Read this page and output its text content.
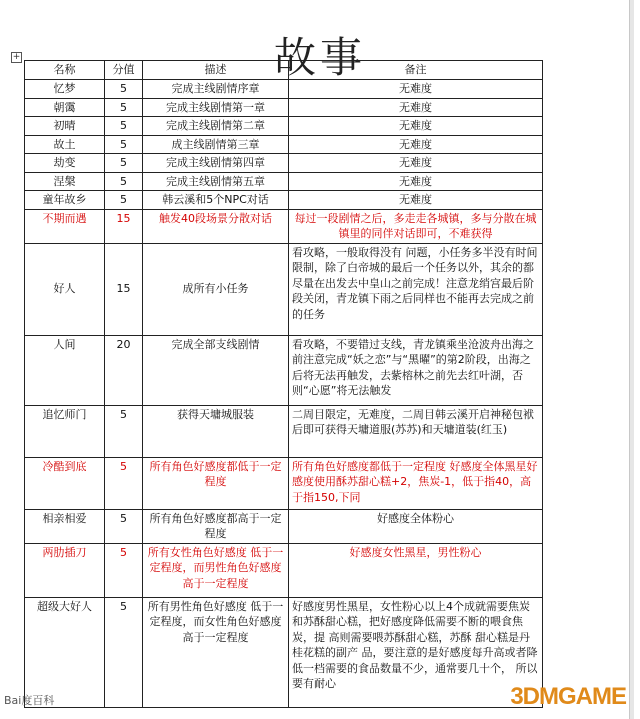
故事
+
名称	分值	描述	备注
忆梦	5	完成主线剧情序章	无难度
朝霭	5	完成主线剧情第一章	无难度
初晴	5	完成主线剧情第二章	无难度
故土	5	成主线剧情第三章	无难度
劫变	5	完成主线剧情第四章	无难度
涅槃	5	完成主线剧情第五章	无难度
童年故乡	5	韩云溪和5个NPC对话	无难度
不期而遇	15	触发40段场景分散对话	每过一段剧情之后，多走走各城镇，多与分散在城镇里的同伴对话即可，不难获得
好人	15	成所有小任务	看攻略，一般取得没有 问题，小任务多半没有时间限制，除了白帝城的最后一个任务以外，其余的都尽量在出发去中皇山之前完成！注意龙绡宫最后阶段关闭，青龙镇下雨之后同样也不能再去完成之前的任务
人间	20	完成全部支线剧情	看攻略，不要错过支线，青龙镇乘坐沧波舟出海之前注意完成“妖之恋”与“黑曜”的第2阶段，出海之后将无法再触发，去紫榕林之前先去红叶湖，否则“心愿”将无法触发
追忆师门	5	获得天墉城服装	二周目限定，无难度，二周目韩云溪开启神秘包袱后即可获得天墉道服(苏苏)和天墉道装(红玉)
冷酷到底	5	所有角色好感度都低于一定程度	所有角色好感度都低于一定程度 好感度全体黑星好感度使用酥苏甜心糕+2，焦炭-1，低于指40，高于指150,下同
相亲相爱	5	所有角色好感度都高于一定程度	好感度全体粉心
两肋插刀	5	所有女性角色好感度 低于一定程度，而男性角色好感度高于一定程度	好感度女性黑星，男性粉心
超级大好人	5	所有男性角色好感度 低于一定程度，而女性角色好感度高于一定程度	好感度男性黑星，女性粉心以上4个成就需要焦炭和苏酥甜心糕，把好感度降低需要不断的喂食焦炭，提 高则需要喂苏酥甜心糕，苏酥 甜心糕是丹桂花糕的副产 品，要注意的是好感度每升高或者降低一档需要的食品数量不少，通常要几十个， 所以要有耐心
Bai度百科	3DMGAME
